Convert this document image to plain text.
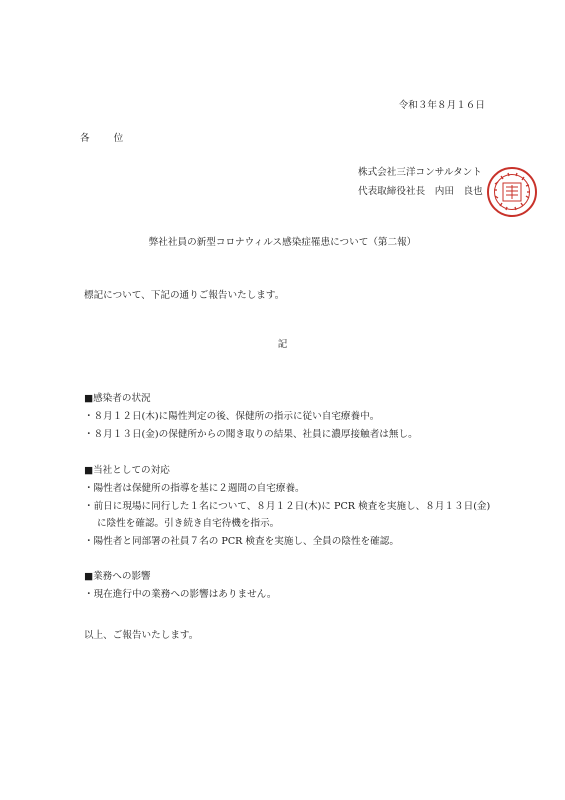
令和３年８月１６日
各位
株式会社三洋コンサルタント
代表取締役社長　内田　良也
弊社社員の新型コロナウィルス感染症罹患について（第二報）
標記について、下記の通りご報告いたします。
記
■感染者の状況
・８月１２日(木)に陽性判定の後、保健所の指示に従い自宅療養中。
・８月１３日(金)の保健所からの聞き取りの結果、社員に濃厚接触者は無し。
■当社としての対応
・陽性者は保健所の指導を基に２週間の自宅療養。
・前日に現場に同行した１名について、８月１２日(木)に PCR 検査を実施し、８月１３日(金)
に陰性を確認。引き続き自宅待機を指示。
・陽性者と同部署の社員７名の PCR 検査を実施し、全員の陰性を確認。
■業務への影響
・現在進行中の業務への影響はありません。
以上、ご報告いたします。
